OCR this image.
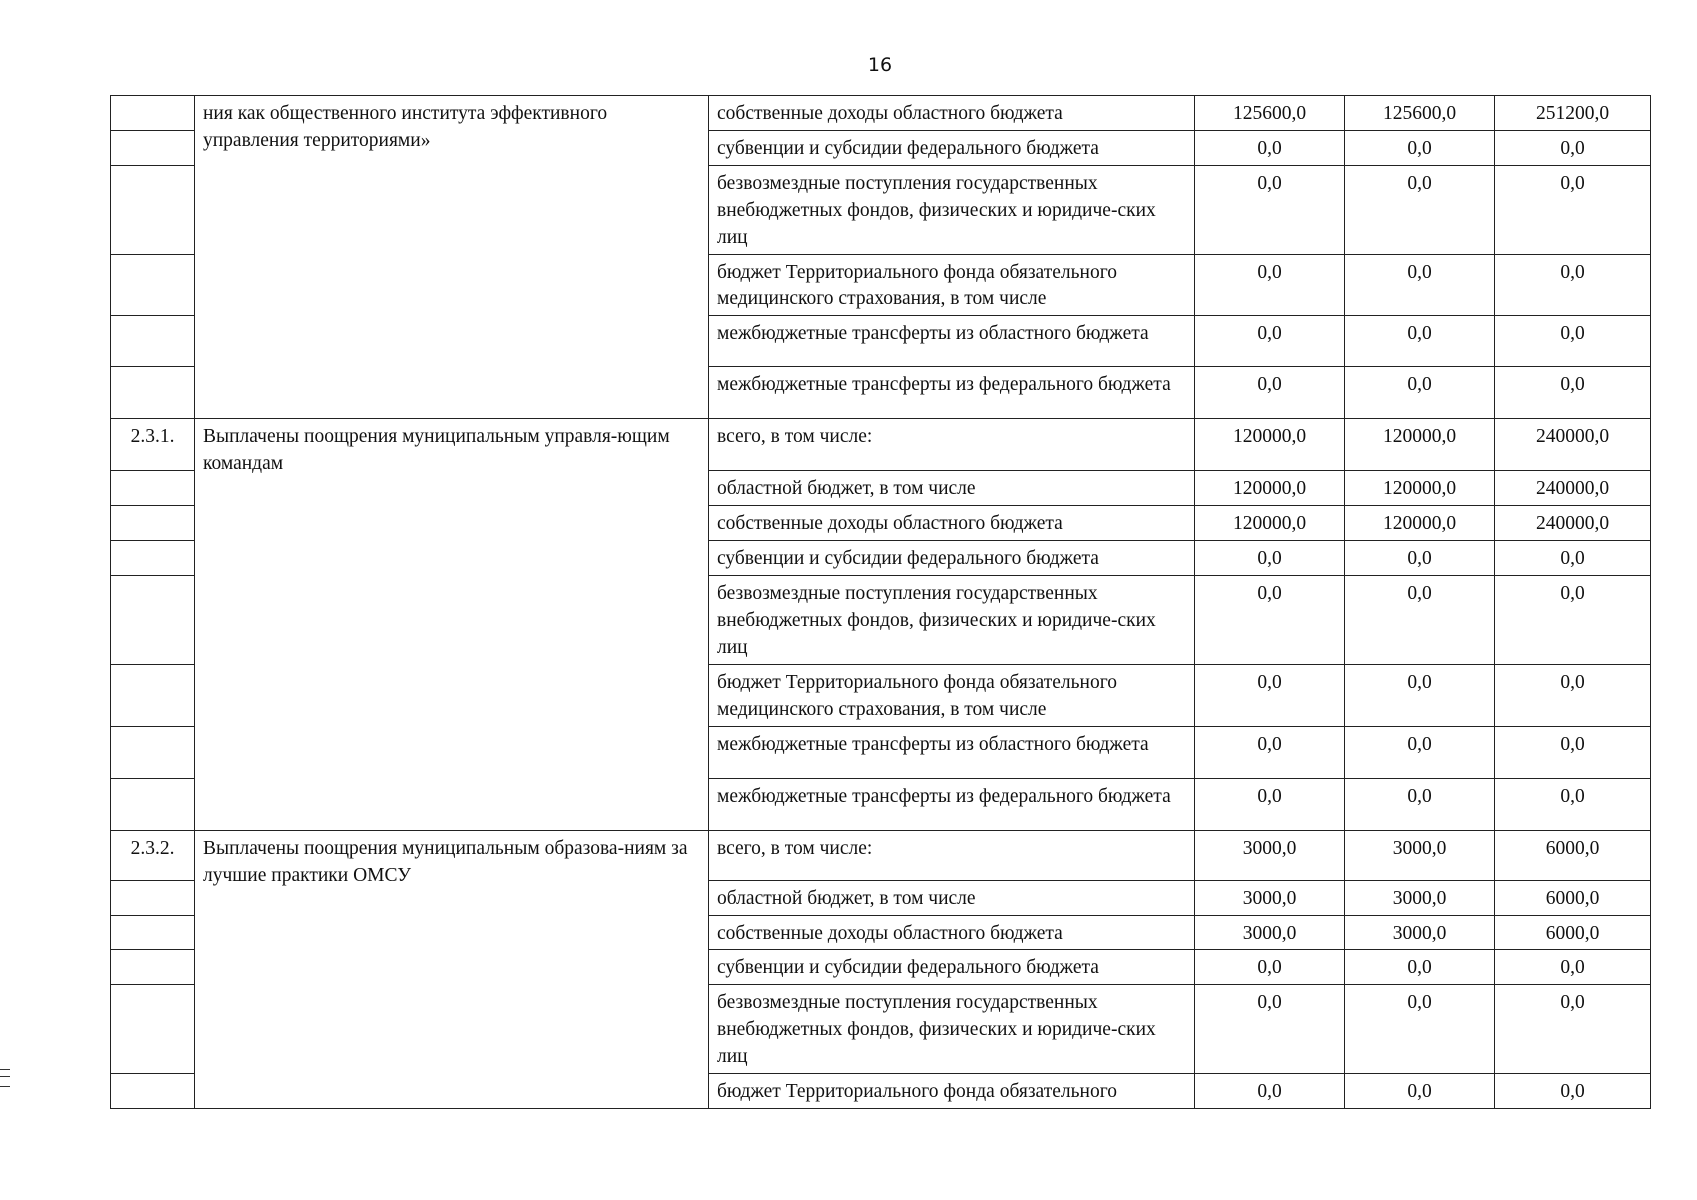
16
	ния как общественного института эффективного управления территориями»	собственные доходы областного бюджета	125600,0	125600,0	251200,0
		субвенции и субсидии федерального бюджета	0,0	0,0	0,0
		безвозмездные поступления государственных внебюджетных фондов, физических и юридиче-ских лиц	0,0	0,0	0,0
		бюджет Территориального фонда обязательного медицинского страхования, в том числе	0,0	0,0	0,0
		межбюджетные трансферты из областного бюджета	0,0	0,0	0,0
		межбюджетные трансферты из федерального бюджета	0,0	0,0	0,0
2.3.1.	Выплачены поощрения муниципальным управля-ющим командам	всего, в том числе:	120000,0	120000,0	240000,0
		областной бюджет, в том числе	120000,0	120000,0	240000,0
		собственные доходы областного бюджета	120000,0	120000,0	240000,0
		субвенции и субсидии федерального бюджета	0,0	0,0	0,0
		безвозмездные поступления государственных внебюджетных фондов, физических и юридиче-ских лиц	0,0	0,0	0,0
		бюджет Территориального фонда обязательного медицинского страхования, в том числе	0,0	0,0	0,0
		межбюджетные трансферты из областного бюджета	0,0	0,0	0,0
		межбюджетные трансферты из федерального бюджета	0,0	0,0	0,0
2.3.2.	Выплачены поощрения муниципальным образова-ниям за лучшие практики ОМСУ	всего, в том числе:	3000,0	3000,0	6000,0
		областной бюджет, в том числе	3000,0	3000,0	6000,0
		собственные доходы областного бюджета	3000,0	3000,0	6000,0
		субвенции и субсидии федерального бюджета	0,0	0,0	0,0
		безвозмездные поступления государственных внебюджетных фондов, физических и юридиче-ских лиц	0,0	0,0	0,0
		бюджет Территориального фонда обязательного	0,0	0,0	0,0
